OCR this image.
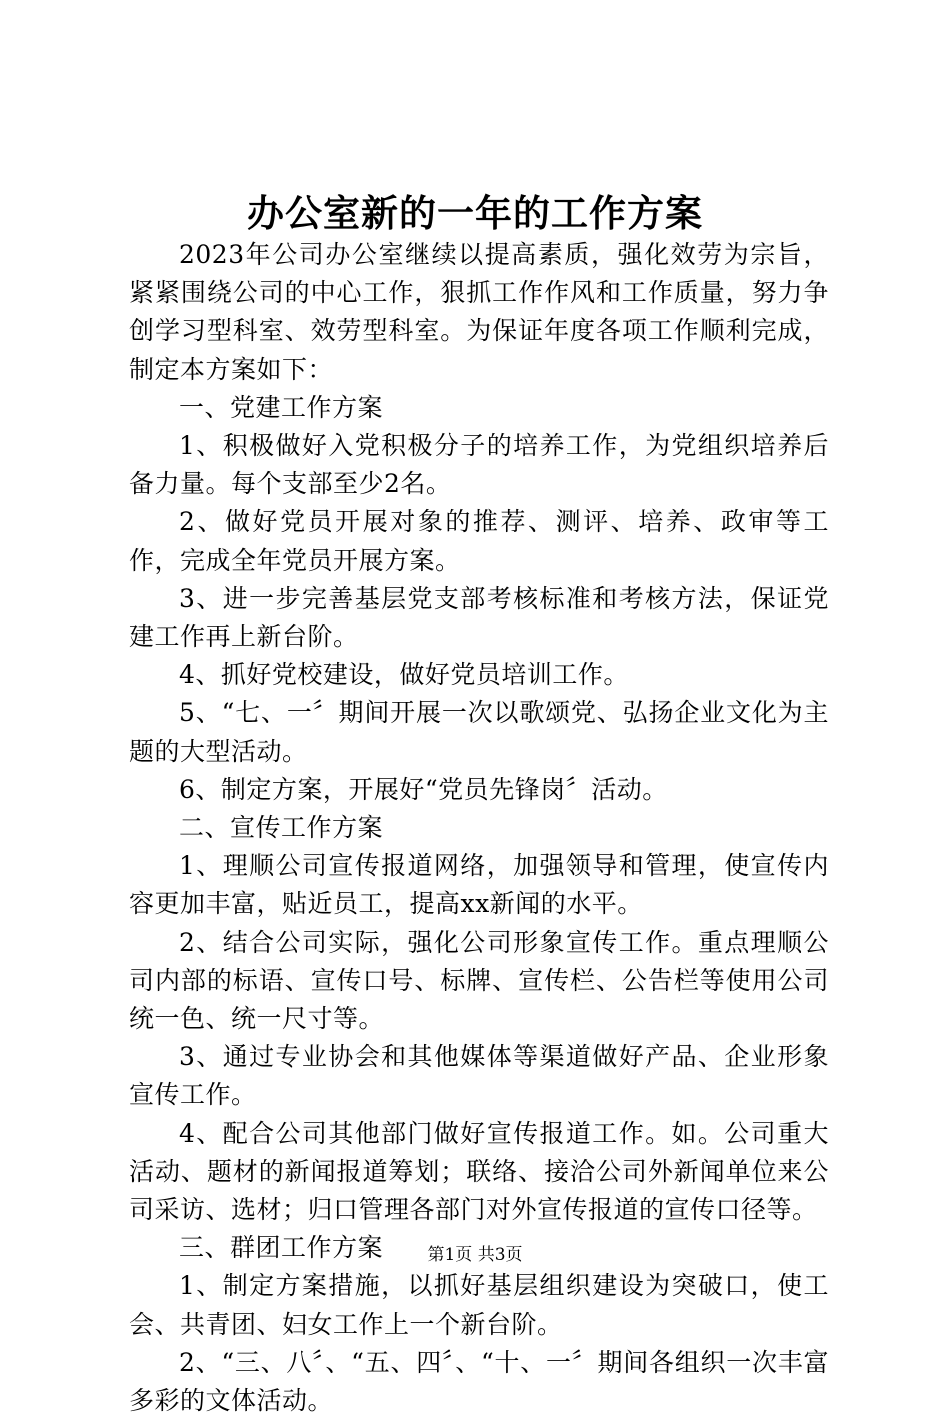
办公室新的一年的工作方案

2023年公司办公室继续以提高素质，强化效劳为宗旨，紧紧围绕公司的中心工作，狠抓工作作风和工作质量，努力争创学习型科室、效劳型科室。为保证年度各项工作顺利完成，制定本方案如下：

一、党建工作方案

1、积极做好入党积极分子的培养工作，为党组织培养后备力量。每个支部至少2名。

2、做好党员开展对象的推荐、测评、培养、政审等工作，完成全年党员开展方案。

3、进一步完善基层党支部考核标准和考核方法，保证党建工作再上新台阶。

4、抓好党校建设，做好党员培训工作。

5、“七、一〞期间开展一次以歌颂党、弘扬企业文化为主题的大型活动。

6、制定方案，开展好“党员先锋岗〞活动。

二、宣传工作方案

1、理顺公司宣传报道网络，加强领导和管理，使宣传内容更加丰富，贴近员工，提高xx新闻的水平。

2、结合公司实际，强化公司形象宣传工作。重点理顺公司内部的标语、宣传口号、标牌、宣传栏、公告栏等使用公司统一色、统一尺寸等。

3、通过专业协会和其他媒体等渠道做好产品、企业形象宣传工作。

4、配合公司其他部门做好宣传报道工作。如。公司重大活动、题材的新闻报道筹划；联络、接洽公司外新闻单位来公司采访、选材；归口管理各部门对外宣传报道的宣传口径等。

三、群团工作方案

1、制定方案措施，以抓好基层组织建设为突破口，使工会、共青团、妇女工作上一个新台阶。

2、“三、八〞、“五、四〞、“十、一〞期间各组织一次丰富多彩的文体活动。

第1页 共3页
